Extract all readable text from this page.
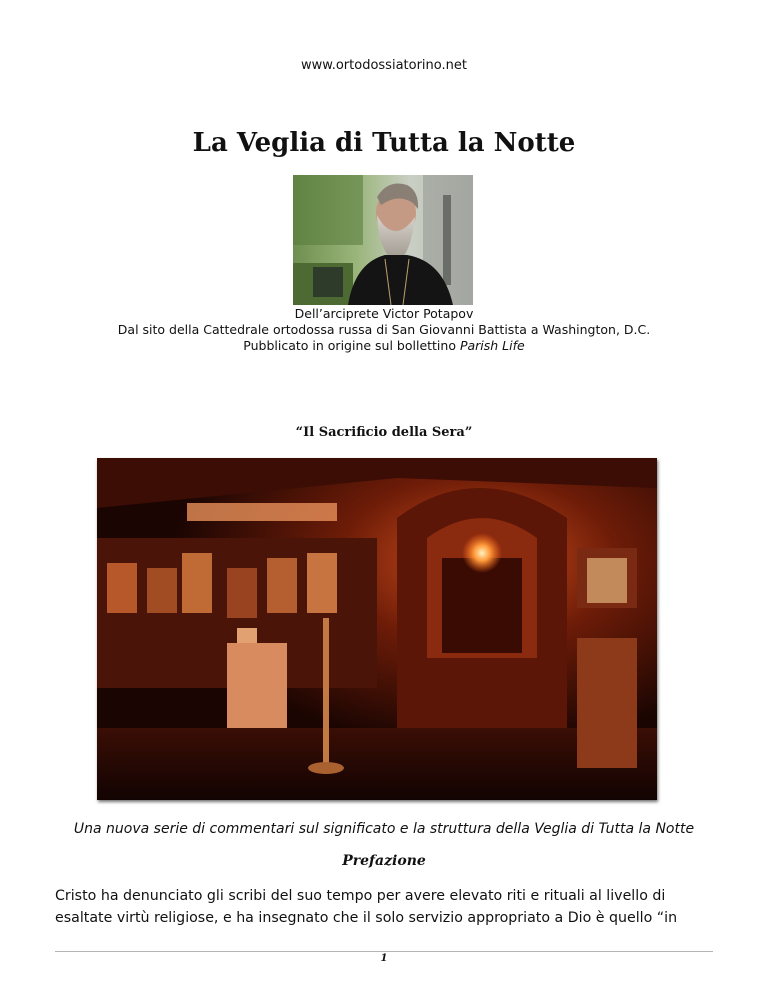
www.ortodossiatorino.net
La Veglia di Tutta la Notte
Dell’arciprete Victor Potapov
Dal sito della Cattedrale ortodossa russa di San Giovanni Battista a Washington, D.C.
Pubblicato in origine sul bollettino Parish Life
“Il Sacrificio della Sera”
Una nuova serie di commentari sul significato e la struttura della Veglia di Tutta la Notte
Prefazione
Cristo ha denunciato gli scribi del suo tempo per avere elevato riti e rituali al livello di
esaltate virtù religiose, e ha insegnato che il solo servizio appropriato a Dio è quello “in
1
